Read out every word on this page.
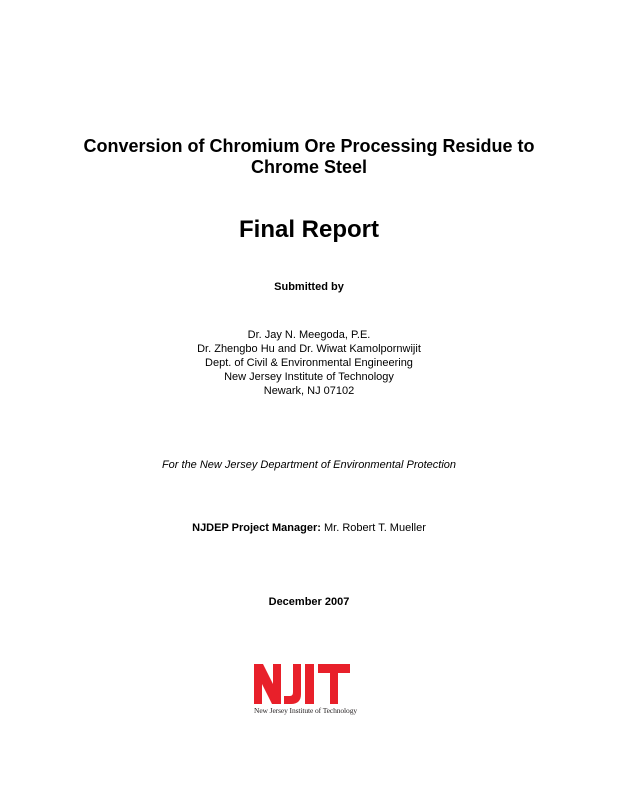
Conversion of Chromium Ore Processing Residue to
Chrome Steel
Final Report
Submitted by
Dr. Jay N. Meegoda, P.E.
Dr. Zhengbo Hu and Dr. Wiwat Kamolpornwijit
Dept. of Civil & Environmental Engineering
New Jersey Institute of Technology
Newark, NJ 07102
For the New Jersey Department of Environmental Protection
NJDEP Project Manager: Mr. Robert T. Mueller
December 2007
New Jersey Institute of Technology
